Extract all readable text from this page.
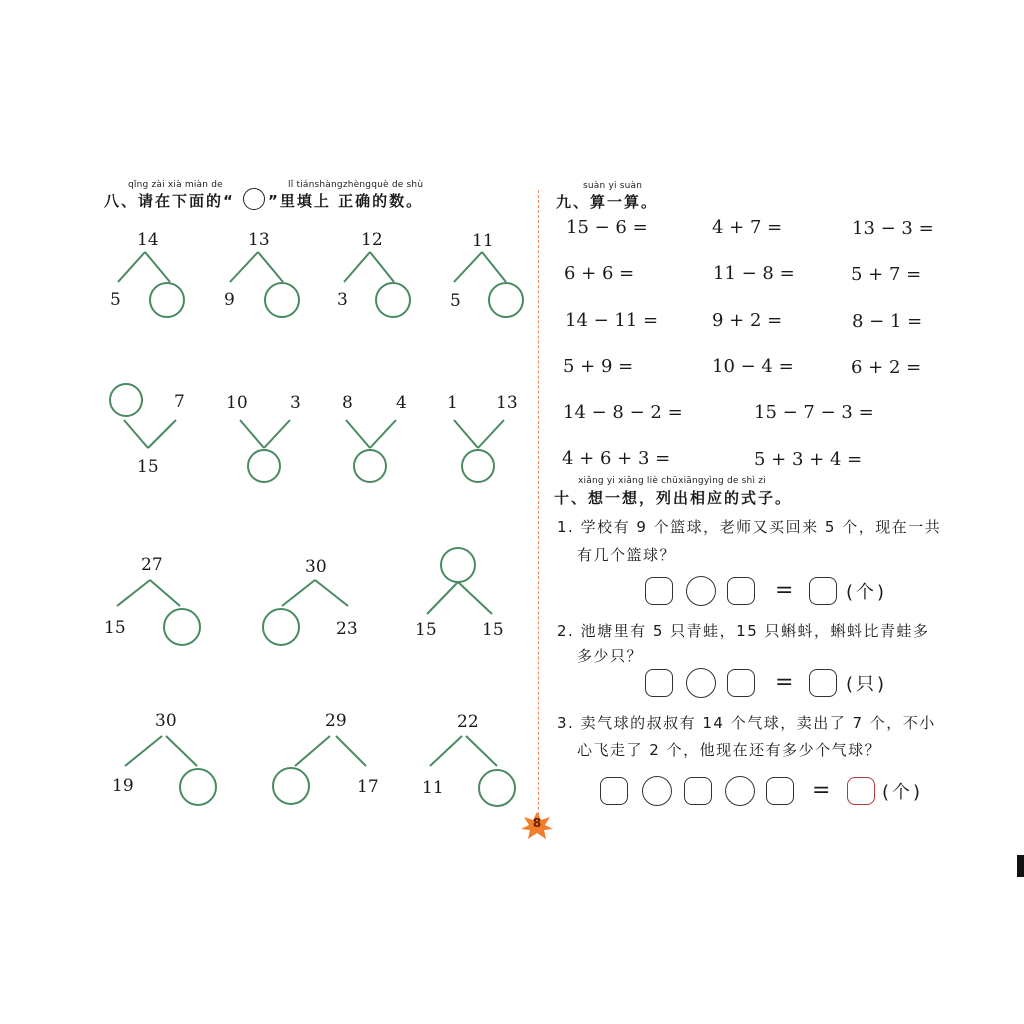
qǐng zài xià miàn de	lǐ tiánshàngzhèngquè de shù
八、请在下面的“ ”里填上 正确的数。
14
5
13
9
12
3
11
5
7
15
10 3 8	4 1 13
27
15
30
23	15	15
30
19
29
17
22
11
suàn yi suàn
九、算一算。
15 − 6 =	4 + 7 =	13 − 3 =
6 + 6 =	11 − 8 =	5 + 7 =
14 − 11 =	9 + 2 =	8 − 1 =
5 + 9 =	10 − 4 =	6 + 2 =
14 − 8 − 2 =	15 − 7 − 3 =
4 + 6 + 3 =	5 + 3 + 4 =
xiǎng yi xiǎng liè chūxiāngyìng de shì zi
十、想一想，列出相应的式子。
1. 学校有 9 个篮球，老师又买回来 5 个，现在一共
有几个篮球？
=	(个)
2. 池塘里有 5 只青蛙，15 只蝌蚪，蝌蚪比青蛙多
多少只？
=	(只)
3. 卖气球的叔叔有 14 个气球，卖出了 7 个，不小
心飞走了 2 个，他现在还有多少个气球？
=	(个)
8
